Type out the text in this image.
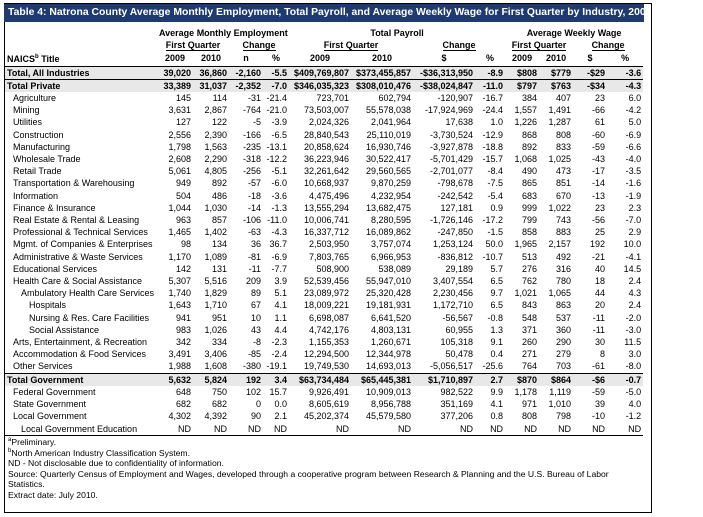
Table 4: Natrona County Average Monthly Employment, Total Payroll, and Average Weekly Wage for First Quarter by Industry, 2009 and 2010$^a$
	Average Monthly Employment				Total Payroll				Average Weekly Wage			
	First Quarter		Change		First Quarter		Change		First Quarter		Change	
NAICS$^b$ Title	2009	2010	n	%	2009	2010	$	%	2009	2010	$	%
Total, All Industries	39,020	36,860	-2,160	-5.5	$409,769,807	$373,455,857	-$36,313,950	-8.9	$808	$779	-$29	-3.6
Total Private	33,389	31,037	-2,352	-7.0	$346,035,323	$308,010,476	-$38,024,847	-11.0	$797	$763	-$34	-4.3
Agriculture	145	114	-31	-21.4	723,701	602,794	-120,907	-16.7	384	407	23	6.0
Mining	3,631	2,867	-764	-21.0	73,503,007	55,578,038	-17,924,969	-24.4	1,557	1,491	-66	-4.2
Utilities	127	122	-5	-3.9	2,024,326	2,041,964	17,638	1.0	1,226	1,287	61	5.0
Construction	2,556	2,390	-166	-6.5	28,840,543	25,110,019	-3,730,524	-12.9	868	808	-60	-6.9
Manufacturing	1,798	1,563	-235	-13.1	20,858,624	16,930,746	-3,927,878	-18.8	892	833	-59	-6.6
Wholesale Trade	2,608	2,290	-318	-12.2	36,223,946	30,522,417	-5,701,429	-15.7	1,068	1,025	-43	-4.0
Retail Trade	5,061	4,805	-256	-5.1	32,261,642	29,560,565	-2,701,077	-8.4	490	473	-17	-3.5
Transportation & Warehousing	949	892	-57	-6.0	10,668,937	9,870,259	-798,678	-7.5	865	851	-14	-1.6
Information	504	486	-18	-3.6	4,475,496	4,232,954	-242,542	-5.4	683	670	-13	-1.9
Finance & Insurance	1,044	1,030	-14	-1.3	13,555,294	13,682,475	127,181	0.9	999	1,022	23	2.3
Real Estate & Rental & Leasing	963	857	-106	-11.0	10,006,741	8,280,595	-1,726,146	-17.2	799	743	-56	-7.0
Professional & Technical Services	1,465	1,402	-63	-4.3	16,337,712	16,089,862	-247,850	-1.5	858	883	25	2.9
Mgmt. of Companies & Enterprises	98	134	36	36.7	2,503,950	3,757,074	1,253,124	50.0	1,965	2,157	192	10.0
Administrative & Waste Services	1,170	1,089	-81	-6.9	7,803,765	6,966,953	-836,812	-10.7	513	492	-21	-4.1
Educational Services	142	131	-11	-7.7	508,900	538,089	29,189	5.7	276	316	40	14.5
Health Care & Social Assistance	5,307	5,516	209	3.9	52,539,456	55,947,010	3,407,554	6.5	762	780	18	2.4
Ambulatory Health Care Services	1,740	1,829	89	5.1	23,089,972	25,320,428	2,230,456	9.7	1,021	1,065	44	4.3
Hospitals	1,643	1,710	67	4.1	18,009,221	19,181,931	1,172,710	6.5	843	863	20	2.4
Nursing & Res. Care Facilities	941	951	10	1.1	6,698,087	6,641,520	-56,567	-0.8	548	537	-11	-2.0
Social Assistance	983	1,026	43	4.4	4,742,176	4,803,131	60,955	1.3	371	360	-11	-3.0
Arts, Entertainment, & Recreation	342	334	-8	-2.3	1,155,353	1,260,671	105,318	9.1	260	290	30	11.5
Accommodation & Food Services	3,491	3,406	-85	-2.4	12,294,500	12,344,978	50,478	0.4	271	279	8	3.0
Other Services	1,988	1,608	-380	-19.1	19,749,530	14,693,013	-5,056,517	-25.6	764	703	-61	-8.0
Total Government	5,632	5,824	192	3.4	$63,734,484	$65,445,381	$1,710,897	2.7	$870	$864	-$6	-0.7
Federal Government	648	750	102	15.7	9,926,491	10,909,013	982,522	9.9	1,178	1,119	-59	-5.0
State Government	682	682	0	0.0	8,605,619	8,956,788	351,169	4.1	971	1,010	39	4.0
Local Government	4,302	4,392	90	2.1	45,202,374	45,579,580	377,206	0.8	808	798	-10	-1.2
Local Government Education	ND	ND	ND	ND	ND	ND	ND	ND	ND	ND	ND	ND
$^a$Preliminary.
$^b$North American Industry Classification System.
ND - Not disclosable due to confidentiality of information.
Source: Quarterly Census of Employment and Wages, developed through a cooperative program between Research & Planning and the U.S. Bureau of Labor Statistics.
Extract date: July 2010.
